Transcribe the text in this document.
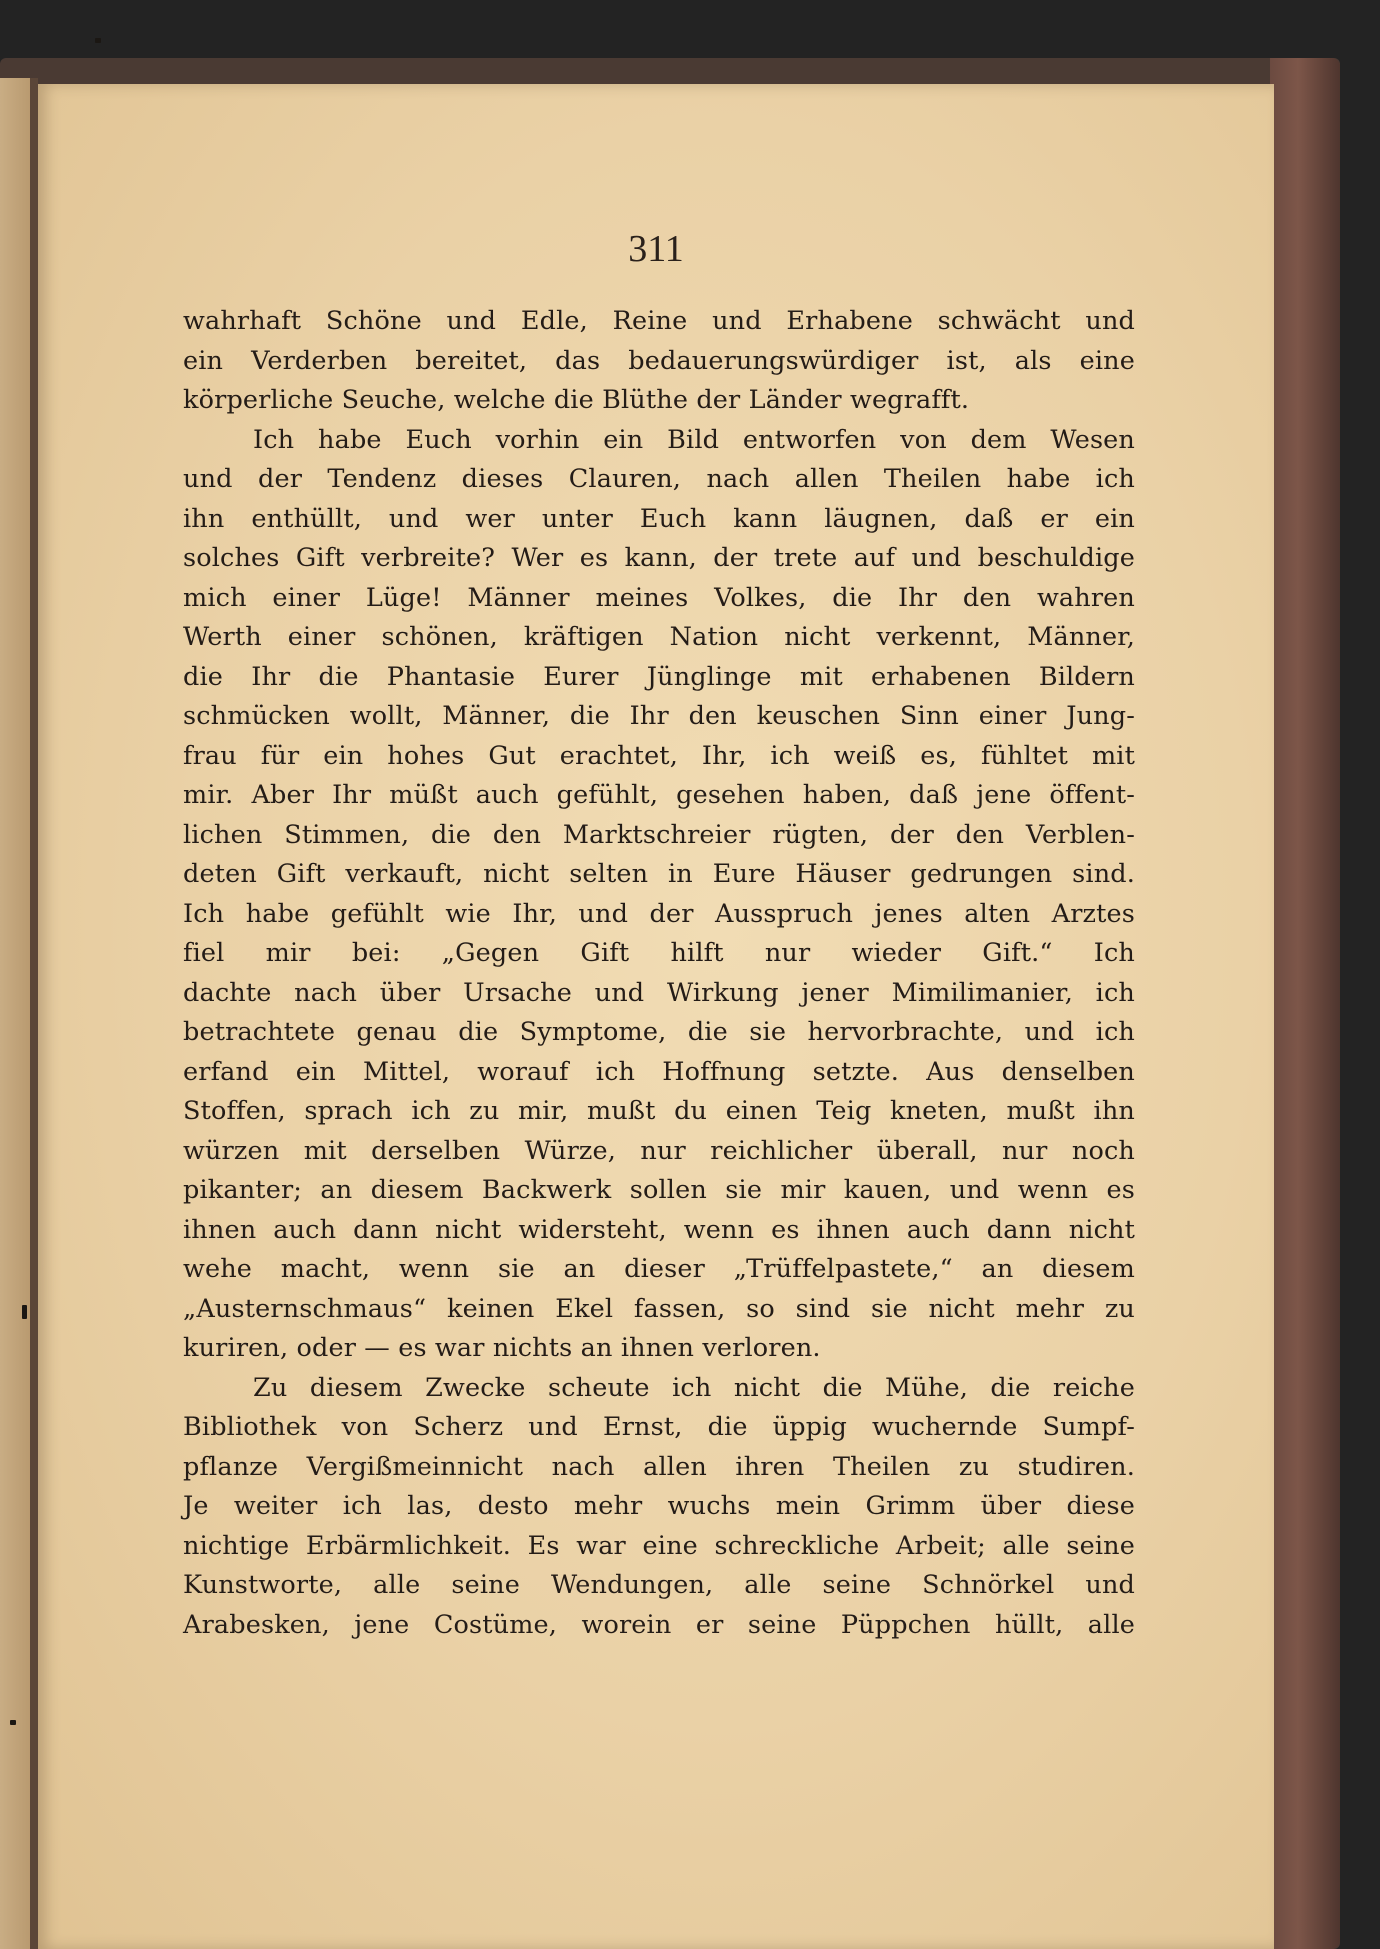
311
wahrhaft Schöne und Edle, Reine und Erhabene schwächt und
ein Verderben bereitet, das bedauerungswürdiger ist, als eine
körperliche Seuche, welche die Blüthe der Länder wegrafft.
Ich habe Euch vorhin ein Bild entworfen von dem Wesen
und der Tendenz dieses Clauren, nach allen Theilen habe ich
ihn enthüllt, und wer unter Euch kann läugnen, daß er ein
solches Gift verbreite? Wer es kann, der trete auf und beschuldige
mich einer Lüge! Männer meines Volkes, die Ihr den wahren
Werth einer schönen, kräftigen Nation nicht verkennt, Männer,
die Ihr die Phantasie Eurer Jünglinge mit erhabenen Bildern
schmücken wollt, Männer, die Ihr den keuschen Sinn einer Jung-
frau für ein hohes Gut erachtet, Ihr, ich weiß es, fühltet mit
mir. Aber Ihr müßt auch gefühlt, gesehen haben, daß jene öffent-
lichen Stimmen, die den Marktschreier rügten, der den Verblen-
deten Gift verkauft, nicht selten in Eure Häuser gedrungen sind.
Ich habe gefühlt wie Ihr, und der Ausspruch jenes alten Arztes
fiel mir bei: „Gegen Gift hilft nur wieder Gift.“ Ich
dachte nach über Ursache und Wirkung jener Mimilimanier, ich
betrachtete genau die Symptome, die sie hervorbrachte, und ich
erfand ein Mittel, worauf ich Hoffnung setzte. Aus denselben
Stoffen, sprach ich zu mir, mußt du einen Teig kneten, mußt ihn
würzen mit derselben Würze, nur reichlicher überall, nur noch
pikanter; an diesem Backwerk sollen sie mir kauen, und wenn es
ihnen auch dann nicht widersteht, wenn es ihnen auch dann nicht
wehe macht, wenn sie an dieser „Trüffelpastete,“ an diesem
„Austernschmaus“ keinen Ekel fassen, so sind sie nicht mehr zu
kuriren, oder — es war nichts an ihnen verloren.
Zu diesem Zwecke scheute ich nicht die Mühe, die reiche
Bibliothek von Scherz und Ernst, die üppig wuchernde Sumpf-
pflanze Vergißmeinnicht nach allen ihren Theilen zu studiren.
Je weiter ich las, desto mehr wuchs mein Grimm über diese
nichtige Erbärmlichkeit. Es war eine schreckliche Arbeit; alle seine
Kunstworte, alle seine Wendungen, alle seine Schnörkel und
Arabesken, jene Costüme, worein er seine Püppchen hüllt, alle
